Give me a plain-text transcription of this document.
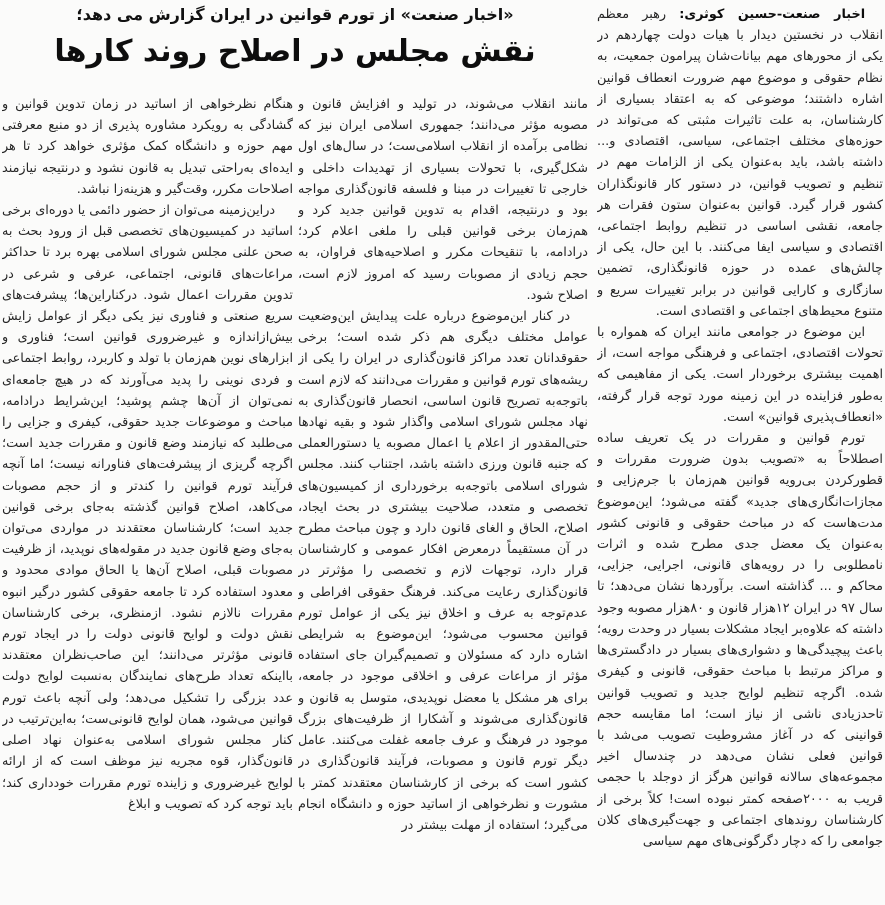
«اخبار صنعت» از تورم قوانین در ایران گزارش می دهد؛
نقش مجلس در اصلاح روند کارها

اخبار صنعت-حسین کوثری: رهبر معظم انقلاب در نخستین دیدار با هیات دولت چهاردهم در یکی از محورهای مهم بیانات‌شان پیرامون جمعیت، به نظام حقوقی و موضوع مهم ضرورت انعطاف قوانین اشاره داشتند؛ موضوعی که به اعتقاد بسیاری از کارشناسان، به علت تاثیرات مثبتی که می‌تواند در حوزه‌های مختلف اجتماعی، سیاسی، اقتصادی و... داشته باشد، باید به‌عنوان یکی از الزامات مهم در تنظیم و تصویب قوانین، در دستور کار قانونگذاران کشور قرار گیرد. قوانین به‌عنوان ستون فقرات هر جامعه، نقشی اساسی در تنظیم روابط اجتماعی، اقتصادی و سیاسی ایفا می‌کنند. با این حال، یکی از چالش‌های عمده در حوزه قانونگذاری، تضمین سازگاری و کارایی قوانین در برابر تغییرات سریع و متنوع محیط‌های اجتماعی و اقتصادی است.

این موضوع در جوامعی مانند ایران که همواره با تحولات اقتصادی، اجتماعی و فرهنگی مواجه است، از اهمیت بیشتری برخوردار است. یکی از مفاهیمی که به‌طور فزاینده در این زمینه مورد توجه قرار گرفته، «انعطاف‌پذیری قوانین» است.

تورم قوانین و مقررات در یک تعریف ساده اصطلاحاً به «تصویب بدون ضرورت مقررات و قطورکردن بی‌رویه قوانین هم‌زمان با جرم‌زایی و مجازات‌انگاری‌های جدید» گفته می‌شود؛ این‌موضوع مدت‌هاست که در مباحث حقوقی و قانونی کشور به‌عنوان یک معضل جدی مطرح شده و اثرات نامطلوبی را در رویه‌های قانونی، اجرایی، جزایی، محاکم و ... گذاشته است. برآوردها نشان می‌دهد؛ تا سال ۹۷ در ایران ۱۲هزار قانون و ۸۰هزار مصوبه وجود داشته که علاوه‌بر ایجاد مشکلات بسیار در وحدت رویه؛ باعث پیچیدگی‌ها و دشواری‌های بسیار در دادگستری‌ها و مراکز مرتبط با مباحث حقوقی، قانونی و کیفری شده. اگرچه تنظیم لوایح جدید و تصویب قوانین تاحدزیادی ناشی از نیاز است؛ اما مقایسه حجم قوانینی که در آغاز مشروطیت تصویب می‌شد با قوانین فعلی نشان می‌دهد در چندسال اخیر مجموعه‌های سالانه قوانین هرگز از دوجلد با حجمی قریب به ۲۰۰۰صفحه کمتر نبوده است! کلاً برخی از کارشناسان روندهای اجتماعی و جهت‌گیری‌های کلان جوامعی را که دچار دگرگونی‌های مهم سیاسی

مانند انقلاب می‌شوند، در تولید و افزایش قانون و مصوبه مؤثر می‌دانند؛ جمهوری اسلامی ایران نیز که نظامی برآمده از انقلاب اسلامی‌ست؛ در سال‌های اول شکل‌گیری، با تحولات بسیاری از تهدیدات داخلی و خارجی تا تغییرات در مبنا و فلسفه قانون‌گذاری مواجه بود و درنتیجه، اقدام به تدوین قوانین جدید کرد و هم‌زمان برخی قوانین قبلی را ملغی اعلام کرد؛ درادامه، با تنقیحات مکرر و اصلاحیه‌های فراوان، به حجم زیادی از مصوبات رسید که امروز لازم است، اصلاح شود.

در کنار این‌موضوع درباره علت پیدایش این‌وضعیت عوامل مختلف دیگری هم ذکر شده است؛ برخی حقوقدانان تعدد مراکز قانون‌گذاری در ایران را یکی از ریشه‌های تورم قوانین و مقررات می‌دانند که لازم است باتوجه‌به تصریح قانون اساسی، انحصار قانون‌گذاری به نهاد مجلس شورای اسلامی واگذار شود و بقیه نهادها حتی‌المقدور از اعلام یا اعمال مصوبه یا دستورالعملی که جنبه قانون ورزی داشته باشد، اجتناب کنند. مجلس شورای اسلامی باتوجه‌به برخورداری از کمیسیون‌های تخصصی و متعدد، صلاحیت بیشتری در بحث ایجاد، اصلاح، الحاق و الغای قانون دارد و چون مباحث مطرح در آن مستقیماً درمعرض افکار عمومی و کارشناسان قرار دارد، توجهات لازم و تخصصی را مؤثرتر در قانون‌گذاری رعایت می‌کند. فرهنگ حقوقی افراطی و عدم‌توجه به عرف و اخلاق نیز یکی از عوامل تورم قوانین محسوب می‌شود؛ این‌موضوع به شرایطی اشاره دارد که مسئولان و تصمیم‌گیران جای استفاده مؤثر از مراعات عرفی و اخلاقی موجود در جامعه، برای هر مشکل یا معضل نوپدیدی، متوسل به قانون و قانون‌گذاری می‌شوند و آشکارا از ظرفیت‌های بزرگ موجود در فرهنگ و عرف جامعه غفلت می‌کنند. عامل دیگر تورم قانون و مصوبات، فرآیند قانون‌گذاری در کشور است که برخی از کارشناسان معتقدند کمتر با مشورت و نظرخواهی از اساتید حوزه و دانشگاه انجام می‌گیرد؛ استفاده از مهلت بیشتر در

هنگام نظرخواهی از اساتید در زمان تدوین قوانین و گشادگی به رویکرد مشاوره پذیری از دو منبع معرفتی مهم حوزه و دانشگاه کمک مؤثری خواهد کرد تا هر ایده‌ای به‌راحتی تبدیل به قانون نشود و درنتیجه نیازمند اصلاحات مکرر، وقت‌گیر و هزینه‌زا نباشد.

دراین‌زمینه می‌توان از حضور دائمی یا دوره‌ای برخی اساتید در کمیسیون‌های تخصصی قبل از ورود بحث به صحن علنی مجلس شورای اسلامی بهره برد تا حداکثر مراعات‌های قانونی، اجتماعی، عرفی و شرعی در تدوین مقررات اعمال شود. درکناراین‌ها؛ پیشرفت‌های سریع صنعتی و فناوری نیز یکی دیگر از عوامل زایش بیش‌ازاندازه و غیرضروری قوانین است؛ فناوری و ابزارهای نوین هم‌زمان با تولد و کاربرد، روابط اجتماعی و فردی نوینی را پدید می‌آورند که در هیچ جامعه‌ای نمی‌توان از آن‌ها چشم پوشید؛ این‌شرایط درادامه، مباحث و موضوعات جدید حقوقی، کیفری و جزایی را می‌طلبد که نیازمند وضع قانون و مقررات جدید است؛ اگرچه گریزی از پیشرفت‌های فناورانه نیست؛ اما آنچه فرآیند تورم قوانین را کندتر و از حجم مصوبات می‌کاهد، اصلاح قوانین گذشته به‌جای برخی قوانین جدید است؛ کارشناسان معتقدند در مواردی می‌توان به‌جای وضع قانون جدید در مقوله‌های نوپدید، از ظرفیت مصوبات قبلی، اصلاح آن‌ها یا الحاق موادی محدود و معدود استفاده کرد تا جامعه حقوقی کشور درگیر انبوه مقررات نالازم نشود. ازمنظری، برخی کارشناسان نقش دولت و لوایح قانونی دولت را در ایجاد تورم قانونی مؤثرتر می‌دانند؛ این صاحب‌نظران معتقدند بااینکه تعداد طرح‌های نمایندگان به‌نسبت لوایح دولت عدد بزرگی را تشکیل می‌دهد؛ ولی آنچه باعث تورم قوانین می‌شود، همان لوایح قانونی‌ست؛ به‌این‌ترتیب در کنار مجلس شورای اسلامی به‌عنوان نهاد اصلی قانون‌گذار، قوه مجریه نیز موظف است که از ارائه لوایح غیرضروری و زاینده تورم مقررات خودداری کند؛ باید توجه کرد که تصویب و ابلاغ
